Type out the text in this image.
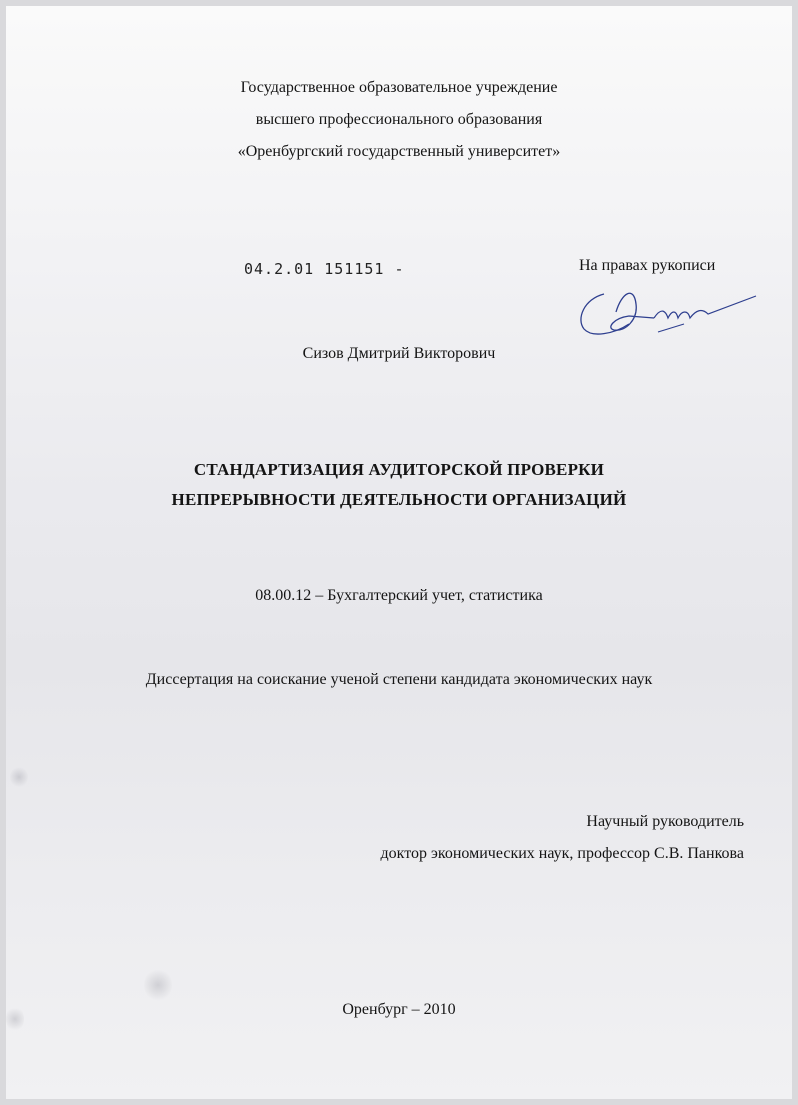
Государственное образовательное учреждение
высшего профессионального образования
«Оренбургский государственный университет»
04.2.01 151151 -	На правах рукописи
Сизов Дмитрий Викторович
СТАНДАРТИЗАЦИЯ АУДИТОРСКОЙ ПРОВЕРКИ
НЕПРЕРЫВНОСТИ ДЕЯТЕЛЬНОСТИ ОРГАНИЗАЦИЙ
08.00.12 – Бухгалтерский учет, статистика
Диссертация на соискание ученой степени кандидата экономических наук
Научный руководитель
доктор экономических наук, профессор С.В. Панкова
Оренбург – 2010
